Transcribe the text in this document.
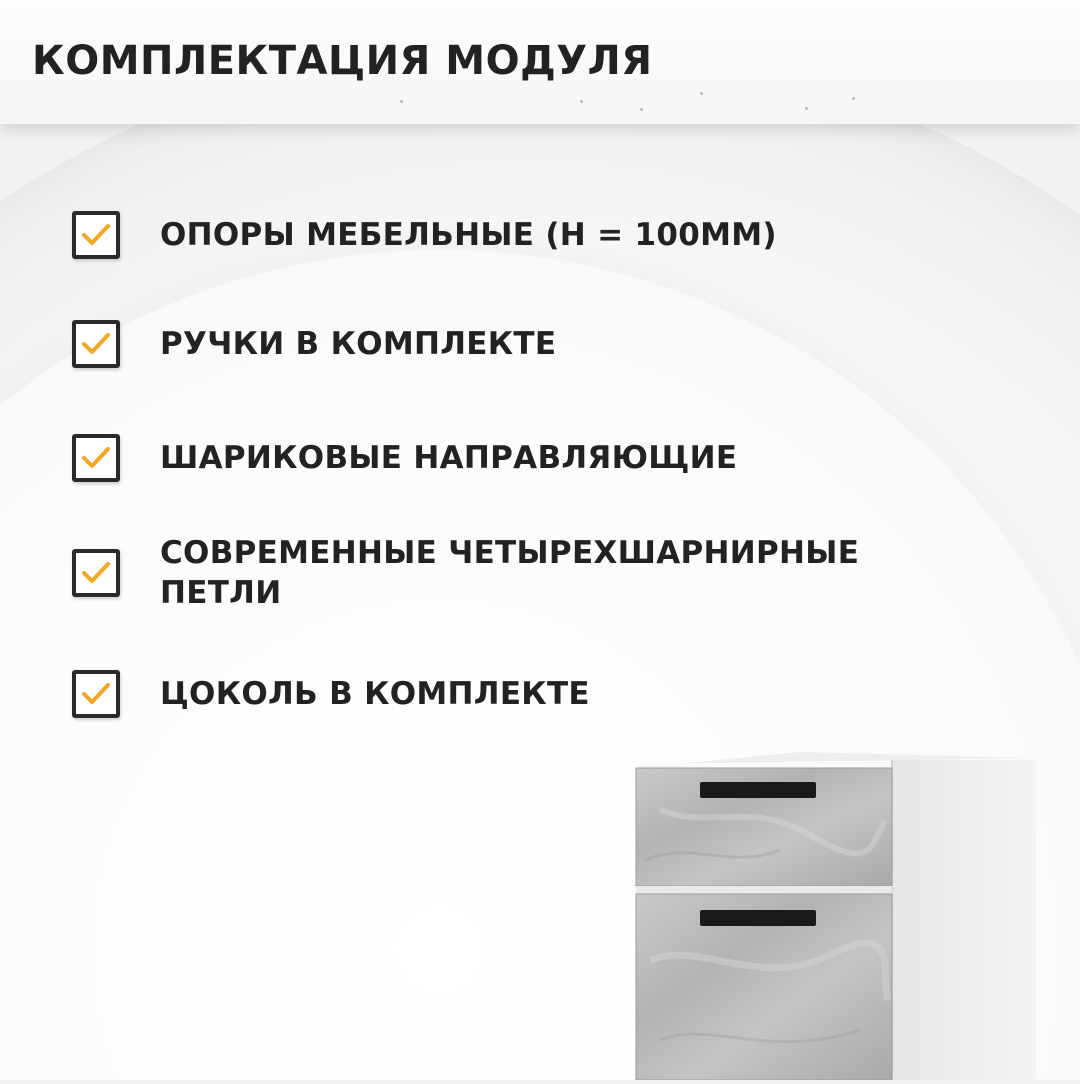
КОМПЛЕКТАЦИЯ МОДУЛЯ
ОПОРЫ МЕБЕЛЬНЫЕ (Н = 100ММ)
РУЧКИ В КОМПЛЕКТЕ
ШАРИКОВЫЕ НАПРАВЛЯЮЩИЕ
СОВРЕМЕННЫЕ ЧЕТЫРЕХШАРНИРНЫЕ ПЕТЛИ
ЦОКОЛЬ В КОМПЛЕКТЕ
